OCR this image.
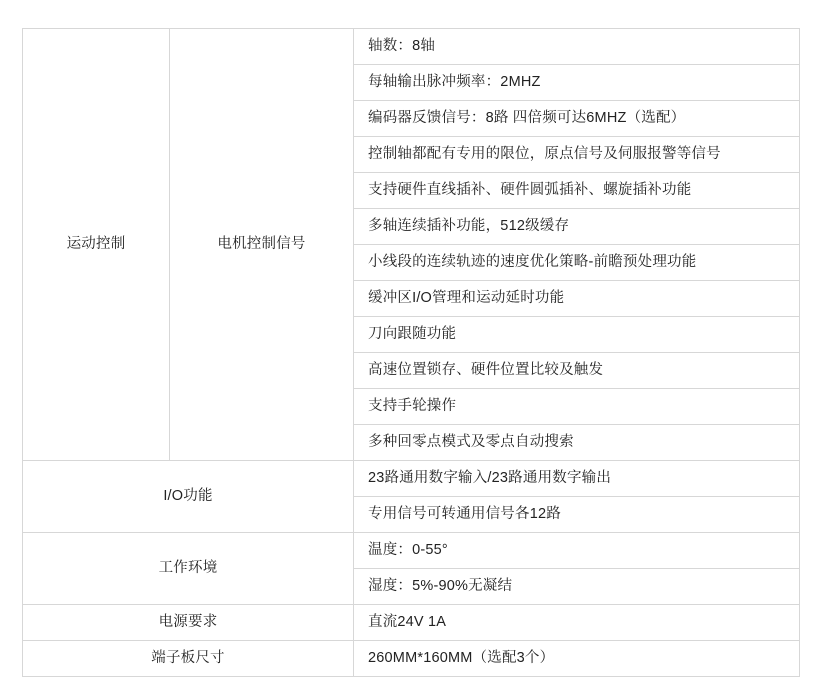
运动控制	电机控制信号	轴数：8轴
		每轴输出脉冲频率：2MHZ
		编码器反馈信号：8路 四倍频可达6MHZ（选配）
		控制轴都配有专用的限位，原点信号及伺服报警等信号
		支持硬件直线插补、硬件圆弧插补、螺旋插补功能
		多轴连续插补功能，512级缓存
		小线段的连续轨迹的速度优化策略-前瞻预处理功能
		缓冲区I/O管理和运动延时功能
		刀向跟随功能
		高速位置锁存、硬件位置比较及触发
		支持手轮操作
		多种回零点模式及零点自动搜索
I/O功能		23路通用数字输入/23路通用数字输出
		专用信号可转通用信号各12路
工作环境		温度：0-55°
		湿度：5%-90%无凝结
电源要求		直流24V 1A
端子板尺寸		260MM*160MM（选配3个）
